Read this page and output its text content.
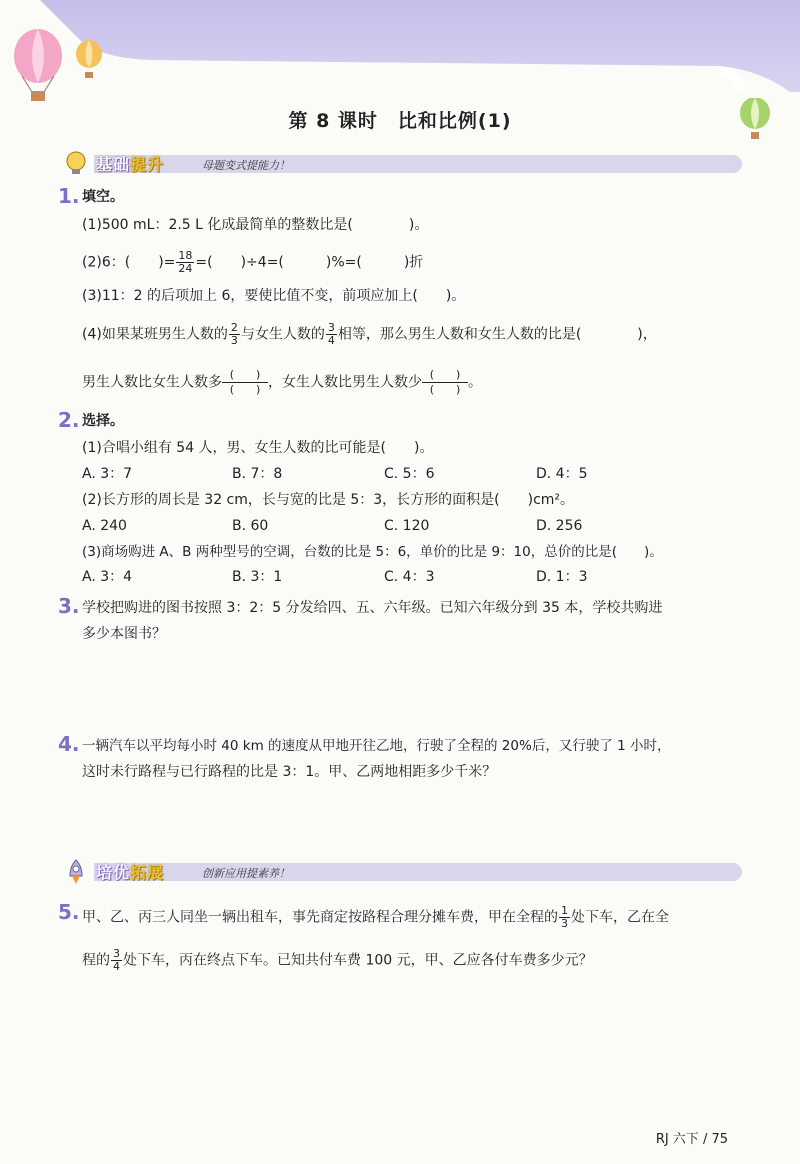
第 8 课时　比和比例(1)
基础提升	母题变式提能力！
1. 填空。
(1)500 mL：2.5 L 化成最简单的整数比是(　　　　)。
(2)6：(　　)= $\frac{18}{24}$ =(　　)÷4=(　　　)%=(　　　)折
(3)11：2 的后项加上 6，要使比值不变，前项应加上(　　)。
(4)如果某班男生人数的 $\frac{2}{3}$ 与女生人数的 $\frac{3}{4}$ 相等，那么男生人数和女生人数的比是(　　　　)，
男生人数比女生人数多 (　　)
(　　) ，女生人数比男生人数少 (　　)
(　　) 。
2. 选择。
(1)合唱小组有 54 人，男、女生人数的比可能是(　　)。
A. 3：7	B. 7：8	C. 5：6	D. 4：5
(2)长方形的周长是 32 cm，长与宽的比是 5：3，长方形的面积是(　　)cm²。
A. 240	B. 60	C. 120	D. 256
(3)商场购进 A、B 两种型号的空调，台数的比是 5：6，单价的比是 9：10，总价的比是(　　)。
A. 3：4	B. 3：1	C. 4：3	D. 1：3
3. 学校把购进的图书按照 3：2：5 分发给四、五、六年级。已知六年级分到 35 本，学校共购进
多少本图书？
4. 一辆汽车以平均每小时 40 km 的速度从甲地开往乙地，行驶了全程的 20%后，又行驶了 1 小时，
这时未行路程与已行路程的比是 3：1。甲、乙两地相距多少千米？
培优拓展	创新应用提素养！
5. 甲、乙、丙三人同坐一辆出租车，事先商定按路程合理分摊车费，甲在全程的 $\frac{1}{3}$ 处下车，乙在全
程的 $\frac{3}{4}$ 处下车，丙在终点下车。已知共付车费 100 元，甲、乙应各付车费多少元？
RJ 六下 / 75
